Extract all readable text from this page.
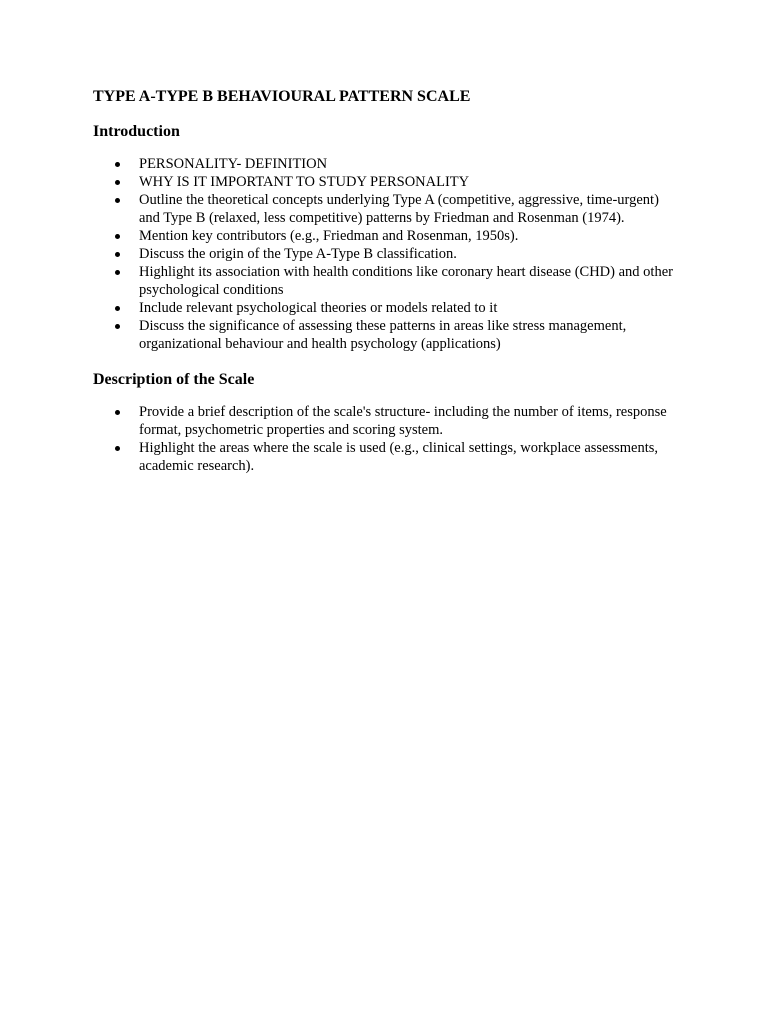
TYPE A-TYPE B BEHAVIOURAL PATTERN SCALE
Introduction
PERSONALITY- DEFINITION
WHY IS IT IMPORTANT TO STUDY PERSONALITY
Outline the theoretical concepts underlying Type A (competitive, aggressive, time-urgent) and Type B (relaxed, less competitive) patterns by Friedman and Rosenman (1974).
Mention key contributors (e.g., Friedman and Rosenman, 1950s).
Discuss the origin of the Type A-Type B classification.
Highlight its association with health conditions like coronary heart disease (CHD) and other psychological conditions
Include relevant psychological theories or models related to it
Discuss the significance of assessing these patterns in areas like stress management, organizational behaviour and health psychology (applications)
Description of the Scale
Provide a brief description of the scale's structure- including the number of items, response format, psychometric properties and scoring system.
Highlight the areas where the scale is used (e.g., clinical settings, workplace assessments, academic research).
